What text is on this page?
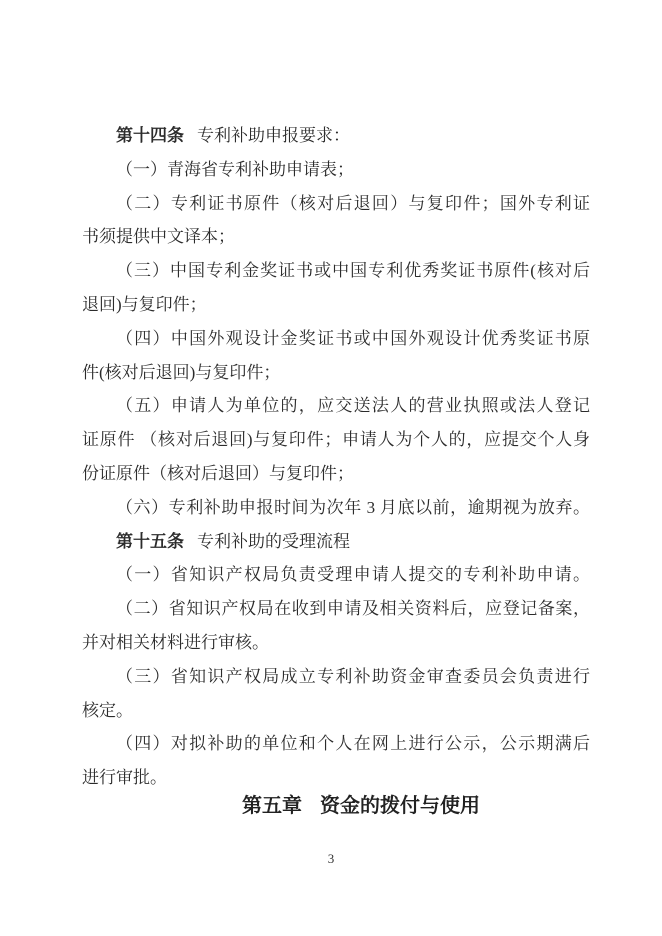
第十四条 专利补助申报要求：
（一）青海省专利补助申请表；
（二）专利证书原件（核对后退回）与复印件；国外专利证
书须提供中文译本；
（三）中国专利金奖证书或中国专利优秀奖证书原件(核对后
退回)与复印件；
（四）中国外观设计金奖证书或中国外观设计优秀奖证书原
件(核对后退回)与复印件；
（五）申请人为单位的，应交送法人的营业执照或法人登记
证原件 （核对后退回)与复印件；申请人为个人的，应提交个人身
份证原件（核对后退回）与复印件；
（六）专利补助申报时间为次年 3 月底以前，逾期视为放弃。
第十五条 专利补助的受理流程
（一）省知识产权局负责受理申请人提交的专利补助申请。
（二）省知识产权局在收到申请及相关资料后，应登记备案，
并对相关材料进行审核。
（三）省知识产权局成立专利补助资金审查委员会负责进行
核定。
（四）对拟补助的单位和个人在网上进行公示，公示期满后
进行审批。
第五章 资金的拨付与使用
3
